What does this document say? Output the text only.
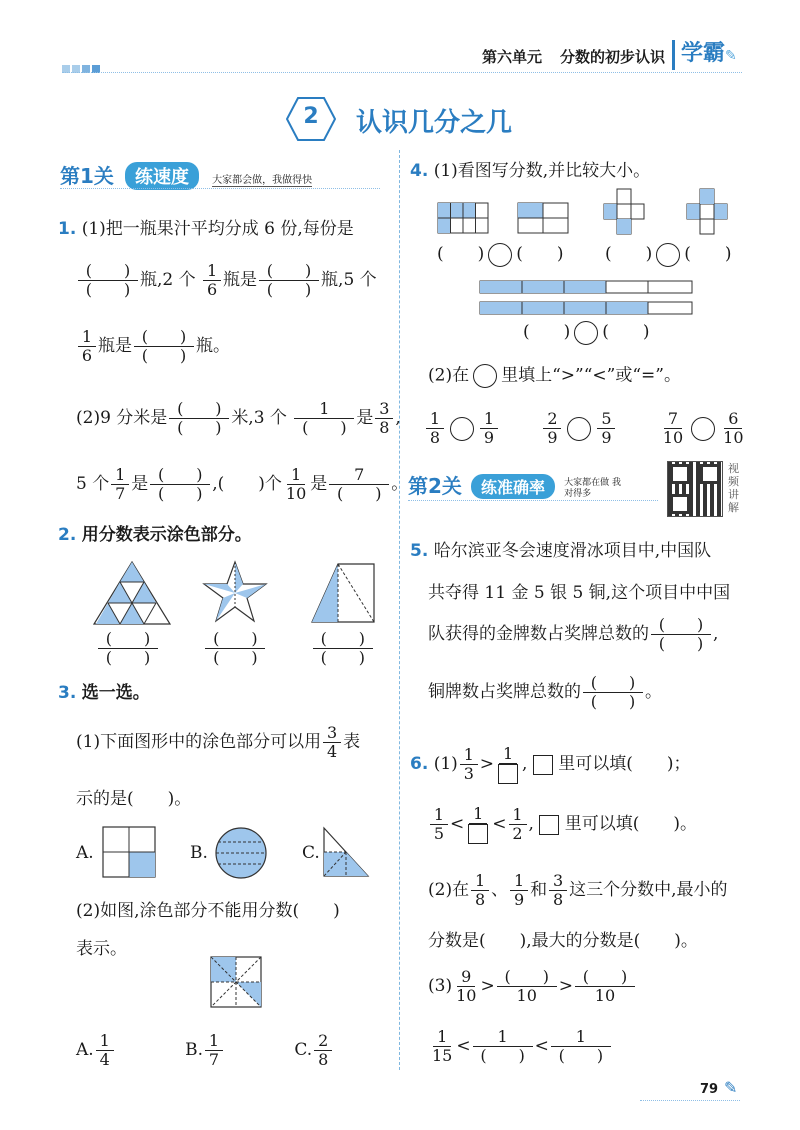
第六单元 分数的初步认识 学霸✎
2	认识几分之几
第1关 练速度 大家都会做，我做得快
1. (1)把一瓶果汁平均分成 6 份,每份是
(　　)
(　　) 瓶,2 个 $\frac{1}{6}$ 瓶是 (　　)
(　　) 瓶,5 个
$\frac{1}{6}$ 瓶是 (　　)
(　　) 瓶。
(2)9 分米是 (　　)
(　　) 米,3 个	1
(　　) 是 $\frac{3}{8}$ ,
5 个 $\frac{1}{7}$ 是 (　　)
(　　) ,(　　)个 $\frac{1}{10}$ 是	7
(　　) 。
2. 用分数表示涂色部分。
(　　)
(　　)

(　　)
(　　)

(　　)
(　　)
3. 选一选。
(1)下面图形中的涂色部分可以用 $\frac{3}{4}$ 表
示的是(　　)。
A.	B.	C.
(2)如图,涂色部分不能用分数(　　)
表示。
A. $\frac{1}{4}$	B. $\frac{1}{7}$	C. $\frac{2}{8}$
4. (1)看图写分数,并比较大小。
(　　) (　　) (　　) (　　)
(　　) (　　)
(2)在 里填上“>”“<”或“=”。
$\frac{1}{8} \frac{1}{9}$
	$\frac{2}{9} \frac{5}{9}$
	$\frac{7}{10} \frac{6}{10}$
第2关 练准确率 大家都在做 我对得多
视频讲解
5. 哈尔滨亚冬会速度滑冰项目中,中国队
共夺得 11 金 5 银 5 铜,这个项目中中国
队获得的金牌数占奖牌总数的 (　　)
(　　) ,
铜牌数占奖牌总数的 (　　)
(　　) 。
6. $(1) \frac{1}{3}$ >
1
, 里可以填(　　)；
$\frac{1}{5}$ <
1
< $\frac{1}{2}$ , 里可以填(　　)。
(2)在 $\frac{1}{8}$ 、 $\frac{1}{9}$ 和 $\frac{3}{8}$ 这三个分数中,最小的
分数是(　　),最大的分数是(　　)。
$(3) \frac{9}{10}$ > (　　)
10	> (　　)
10
$\frac{1}{15}$ <	1
(　　) <	1
(　　)
79 ✎
